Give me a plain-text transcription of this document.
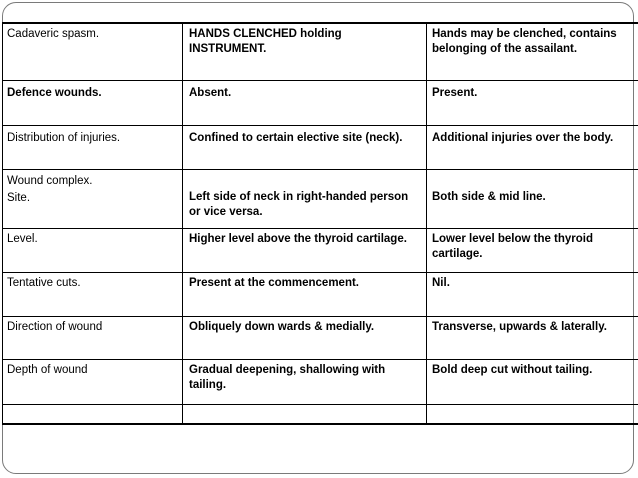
Cadaveric spasm.	HANDS CLENCHED holding INSTRUMENT.	Hands may be clenched, contains belonging of the assailant.
Defence wounds.	Absent.	Present.
Distribution of injuries.	Confined to certain elective site (neck).	Additional injuries over the body.

Wound complex.
Site.	Left side of neck in right-handed person or vice versa.	Both side & mid line.
Level.	Higher level above the thyroid cartilage.	Lower level below the thyroid cartilage.
Tentative cuts.	Present at the commencement.	Nil.
Direction of wound	Obliquely down wards & medially.	Transverse, upwards & laterally.
Depth of wound	Gradual deepening, shallowing with tailing.	Bold deep cut without tailing.
